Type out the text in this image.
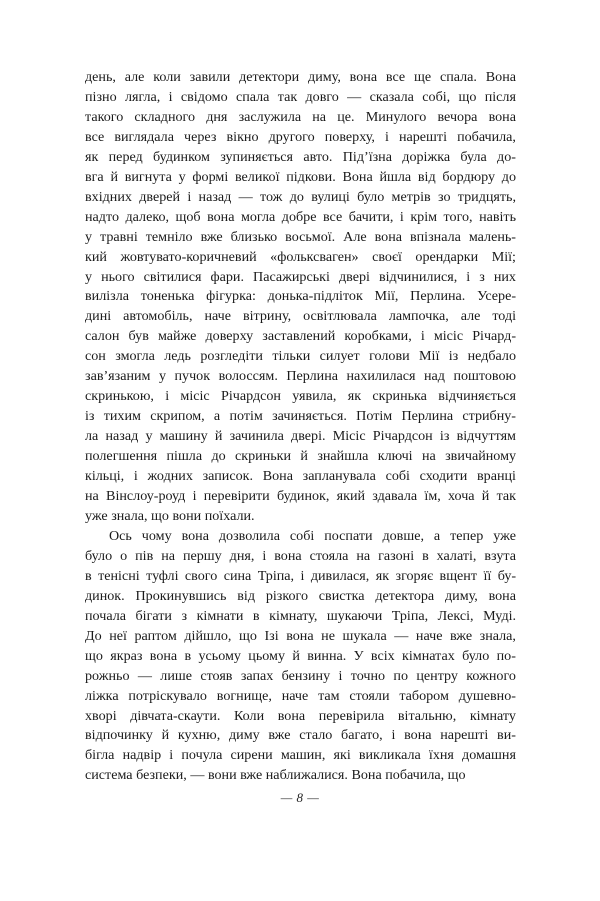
день, але коли завили детектори диму, вона все ще спала. Вона
пізно лягла, і свідомо спала так довго — сказала собі, що після
такого складного дня заслужила на це. Минулого вечора вона
все виглядала через вікно другого поверху, і нарешті побачила,
як перед будинком зупиняється авто. Під’їзна доріжка була до-
вга й вигнута у формі великої підкови. Вона йшла від бордюру до
вхідних дверей і назад — тож до вулиці було метрів зо тридцять,
надто далеко, щоб вона могла добре все бачити, і крім того, навіть
у травні темніло вже близько восьмої. Але вона впізнала малень-
кий жовтувато-коричневий «фольксваген» своєї орендарки Мії;
у нього світилися фари. Пасажирські двері відчинилися, і з них
вилізла тоненька фігурка: донька-підліток Мії, Перлина. Усере-
дині автомобіль, наче вітрину, освітлювала лампочка, але тоді
салон був майже доверху заставлений коробками, і місіс Річард-
сон змогла ледь розгледіти тільки силует голови Мії із недбало
зав’язаним у пучок волоссям. Перлина нахилилася над поштовою
скринькою, і місіс Річардсон уявила, як скринька відчиняється
із тихим скрипом, а потім зачиняється. Потім Перлина стрибну-
ла назад у машину й зачинила двері. Місіс Річардсон із відчуттям
полегшення пішла до скриньки й знайшла ключі на звичайному
кільці, і жодних записок. Вона запланувала собі сходити вранці
на Вінслоу-роуд і перевірити будинок, який здавала їм, хоча й так
уже знала, що вони поїхали.
Ось чому вона дозволила собі поспати довше, а тепер уже
було о пів на першу дня, і вона стояла на газоні в халаті, взута
в тенісні туфлі свого сина Тріпа, і дивилася, як згоряє вщент її бу-
динок. Прокинувшись від різкого свистка детектора диму, вона
почала бігати з кімнати в кімнату, шукаючи Тріпа, Лексі, Муді.
До неї раптом дійшло, що Ізі вона не шукала — наче вже знала,
що якраз вона в усьому цьому й винна. У всіх кімнатах було по-
рожньо — лише стояв запах бензину і точно по центру кожного
ліжка потріскувало вогнище, наче там стояли табором душевно-
хворі дівчата-скаути. Коли вона перевірила вітальню, кімнату
відпочинку й кухню, диму вже стало багато, і вона нарешті ви-
бігла надвір і почула сирени машин, які викликала їхня домашня
система безпеки, — вони вже наближалися. Вона побачила, що
— 8 —
